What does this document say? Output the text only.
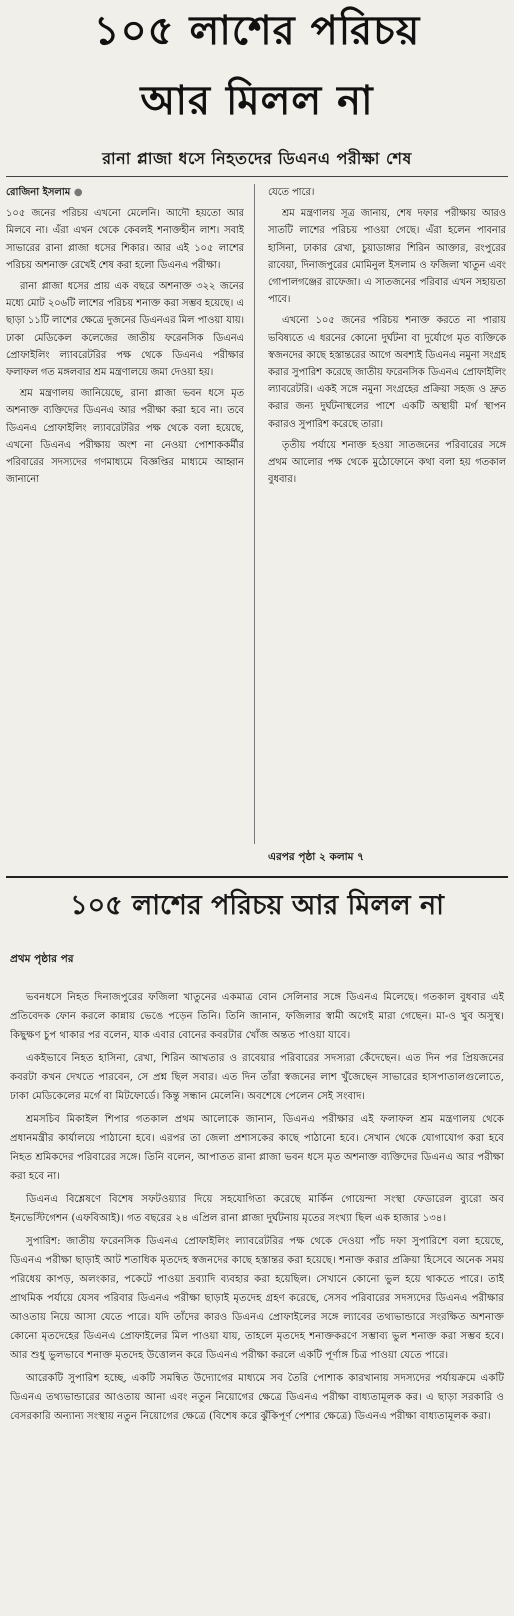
১০৫ লাশের পরিচয়
আর মিলল না
রানা প্লাজা ধসে নিহতদের ডিএনএ পরীক্ষা শেষ

রোজিনা ইসলাম ●

১০৫ জনের পরিচয় এখনো মেলেনি। আদৌ হয়তো আর মিলবে না। এঁরা এখন থেকে কেবলই শনাক্তহীন লাশ। সবাই সাভারের রানা প্লাজা ধসের শিকার। আর এই ১০৫ লাশের পরিচয় অশনাক্ত রেখেই শেষ করা হলো ডিএনএ পরীক্ষা।

রানা প্লাজা ধসের প্রায় এক বছরে অশনাক্ত ৩২২ জনের মধ্যে মোট ২০৬টি লাশের পরিচয় শনাক্ত করা সম্ভব হয়েছে। এ ছাড়া ১১টি লাশের ক্ষেত্রে দুজনের ডিএনএর মিল পাওয়া যায়। ঢাকা মেডিকেল কলেজের জাতীয় ফরেনসিক ডিএনএ প্রোফাইলিং ল্যাবরেটরির পক্ষ থেকে ডিএনএ পরীক্ষার ফলাফল গত মঙ্গলবার শ্রম মন্ত্রণালয়ে জমা দেওয়া হয়।

শ্রম মন্ত্রণালয় জানিয়েছে, রানা প্লাজা ভবন ধসে মৃত অশনাক্ত ব্যক্তিদের ডিএনএ আর পরীক্ষা করা হবে না। তবে ডিএনএ প্রোফাইলিং ল্যাবরেটরির পক্ষ থেকে বলা হয়েছে, এখনো ডিএনএ পরীক্ষায় অংশ না নেওয়া পোশাককর্মীর পরিবারের সদস্যদের গণমাধ্যমে বিজ্ঞপ্তির মাধ্যমে আহ্বান জানানো

যেতে পারে।

শ্রম মন্ত্রণালয় সূত্র জানায়, শেষ দফার পরীক্ষায় আরও সাতটি লাশের পরিচয় পাওয়া গেছে। এঁরা হলেন পাবনার হাসিনা, ঢাকার রেখা, চুয়াডাঙ্গার শিরিন আক্তার, রংপুরের রাবেয়া, দিনাজপুরের মোমিনুল ইসলাম ও ফজিলা খাতুন এবং গোপালগঞ্জের রাফেজা। এ সাতজনের পরিবার এখন সহায়তা পাবে।

এখনো ১০৫ জনের পরিচয় শনাক্ত করতে না পারায় ভবিষ্যতে এ ধরনের কোনো দুর্ঘটনা বা দুর্যোগে মৃত ব্যক্তিকে স্বজনদের কাছে হস্তান্তরের আগে অবশ্যই ডিএনএ নমুনা সংগ্রহ করার সুপারিশ করেছে জাতীয় ফরেনসিক ডিএনএ প্রোফাইলিং ল্যাবরেটরি। একই সঙ্গে নমুনা সংগ্রহের প্রক্রিয়া সহজ ও দ্রুত করার জন্য দুর্ঘটনাস্থলের পাশে একটি অস্থায়ী মর্গ স্থাপন করারও সুপারিশ করেছে তারা।

তৃতীয় পর্যায়ে শনাক্ত হওয়া সাতজনের পরিবারের সঙ্গে প্রথম আলোর পক্ষ থেকে মুঠোফোনে কথা বলা হয় গতকাল বুধবার।

এরপর পৃষ্ঠা ২ কলাম ৭
১০৫ লাশের পরিচয় আর মিলল না
প্রথম পৃষ্ঠার পর

ভবনধসে নিহত দিনাজপুরের ফজিলা খাতুনের একমাত্র বোন সেলিনার সঙ্গে ডিএনএ মিলেছে। গতকাল বুধবার এই প্রতিবেদক ফোন করলে কান্নায় ভেঙে পড়েন তিনি। তিনি জানান, ফজিলার স্বামী অগেই মারা গেছেন। মা-ও খুব অসুস্থ। কিছুক্ষণ চুপ থাকার পর বলেন, যাক এবার বোনের কবরটার খোঁজ অন্তত পাওয়া যাবে।

একইভাবে নিহত হাসিনা, রেখা, শিরিন আখতার ও রাবেয়ার পরিবারের সদস্যরা কেঁদেছেন। এত দিন পর প্রিয়জনের কবরটা কখন দেখতে পারবেন, সে প্রশ্ন ছিল সবার। এত দিন তাঁরা স্বজনের লাশ খুঁজেছেন সাভারের হাসপাতালগুলোতে, ঢাকা মেডিকেলের মর্গে বা মিটফোর্ডে। কিন্তু সন্ধান মেলেনি। অবশেষে পেলেন সেই সংবাদ।

শ্রমসচিব মিকাইল শিপার গতকাল প্রথম আলোকে জানান, ডিএনএ পরীক্ষার এই ফলাফল শ্রম মন্ত্রণালয় থেকে প্রধানমন্ত্রীর কার্যালয়ে পাঠানো হবে। এরপর তা জেলা প্রশাসকের কাছে পাঠানো হবে। সেখান থেকে যোগাযোগ করা হবে নিহত শ্রমিকদের পরিবারের সঙ্গে। তিনি বলেন, আপাতত রানা প্লাজা ভবন ধসে মৃত অশনাক্ত ব্যক্তিদের ডিএনএ আর পরীক্ষা করা হবে না।

ডিএনএ বিশ্লেষণে বিশেষ সফটওয়্যার দিয়ে সহযোগিতা করেছে মার্কিন গোয়েন্দা সংস্থা ফেডারেল ব্যুরো অব ইনভেস্টিগেশন (এফবিআই)। গত বছরের ২৪ এপ্রিল রানা প্লাজা দুর্ঘটনায় মৃতের সংখ্যা ছিল এক হাজার ১৩৪।

সুপারিশ: জাতীয় ফরেনসিক ডিএনএ প্রোফাইলিং ল্যাবরেটরির পক্ষ থেকে দেওয়া পাঁচ দফা সুপারিশে বলা হয়েছে, ডিএনএ পরীক্ষা ছাড়াই আট শতাধিক মৃতদেহ স্বজনদের কাছে হস্তান্তর করা হয়েছে। শনাক্ত করার প্রক্রিয়া হিসেবে অনেক সময় পরিধেয় কাপড়, অলংকার, পকেটে পাওয়া দ্রব্যাদি ব্যবহার করা হয়েছিল। সেখানে কোনো ভুল হয়ে থাকতে পারে। তাই প্রাথমিক পর্যায়ে যেসব পরিবার ডিএনএ পরীক্ষা ছাড়াই মৃতদেহ গ্রহণ করেছে, সেসব পরিবারের সদস্যদের ডিএনএ পরীক্ষার আওতায় নিয়ে আসা যেতে পারে। যদি তাঁদের কারও ডিএনএ প্রোফাইলের সঙ্গে ল্যাবের তথ্যভান্ডারে সংরক্ষিত অশনাক্ত কোনো মৃতদেহের ডিএনএ প্রোফাইলের মিল পাওয়া যায়, তাহলে মৃতদেহ শনাক্তকরণে সম্ভাব্য ভুল শনাক্ত করা সম্ভব হবে। আর শুধু ভুলভাবে শনাক্ত মৃতদেহ উত্তোলন করে ডিএনএ পরীক্ষা করলে একটি পূর্ণাঙ্গ চিত্র পাওয়া যেতে পারে।

আরেকটি সুপারিশ হচ্ছে, একটি সমন্বিত উদ্যোগের মাধ্যমে সব তৈরি পোশাক কারখানায় সদস্যদের পর্যায়ক্রমে একটি ডিএনএ তথ্যভান্ডারের আওতায় আনা এবং নতুন নিয়োগের ক্ষেত্রে ডিএনএ পরীক্ষা বাধ্যতামূলক কর। এ ছাড়া সরকারি ও বেসরকারি অন্যান্য সংস্থায় নতুন নিয়োগের ক্ষেত্রে (বিশেষ করে ঝুঁকিপূর্ণ পেশার ক্ষেত্রে) ডিএনএ পরীক্ষা বাধ্যতামূলক করা।
